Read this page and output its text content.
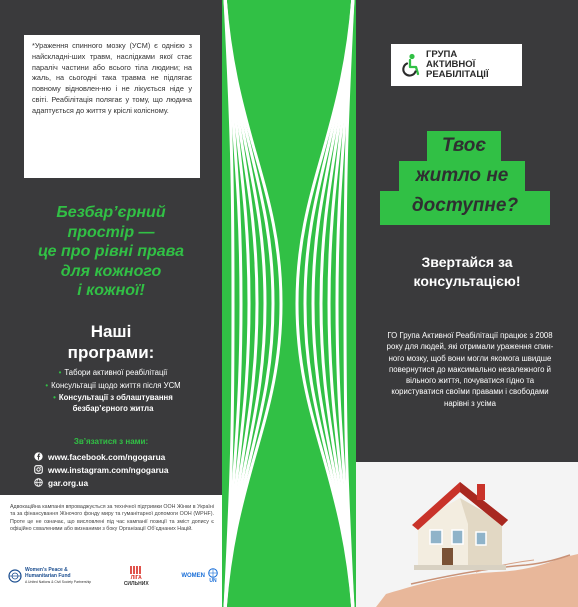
*Ураження спинного мозку (УСМ) є однією з найскладні-ших травм, наслідками якої стає параліч частини або всього тіла людини; на жаль, на сьогодні така травма не підлягає повному відновлен-ню і не лікується ніде у світі. Реабілітація полягає у тому, що людина адаптується до життя у кріслі колісному.

Безбар’єрний
простір —
це про рівні права
для кожного
і кожної!
Наші
програми:
• Табори активної реабілітації
• Консультації щодо життя після УСМ
• Консультації з облаштування
безбар’єрного житла
Зв’язатися з нами:
www.facebook.com/ngogarua
www.instagram.com/ngogarua
gar.org.ua

Адвокаційна кампанія впроваджується за технічної підтримки ООН Жінки в Україні та за фінансування Жіночого фонду миру та гуманітарної допомоги ООН (WPHF). Проте це не означає, що висловлені під час кампанії позиції та зміст допису є офіційно схваленими або визнаними з боку Організації Об’єднаних Націй.

Women's Peace &
Humanitarian Fund
A United Nations & Civil Society Partnership
ЛІГА
СИЛЬНИХ
WOMEN
UN
ГРУПА
АКТИВНОЇ
РЕАБІЛІТАЦІЇ
Твоє
житло не
доступне?
Звертайся за
консультацією!
ГО Група Активної Реабілітації працює з 2008 року для людей, які отримали ураження спин-ного мозку, щоб вони могли якомога швидше повернутися до максимально незалежного й вільного життя, почуватися гідно та користуватися своїми правами і свободами нарівні з усіма
